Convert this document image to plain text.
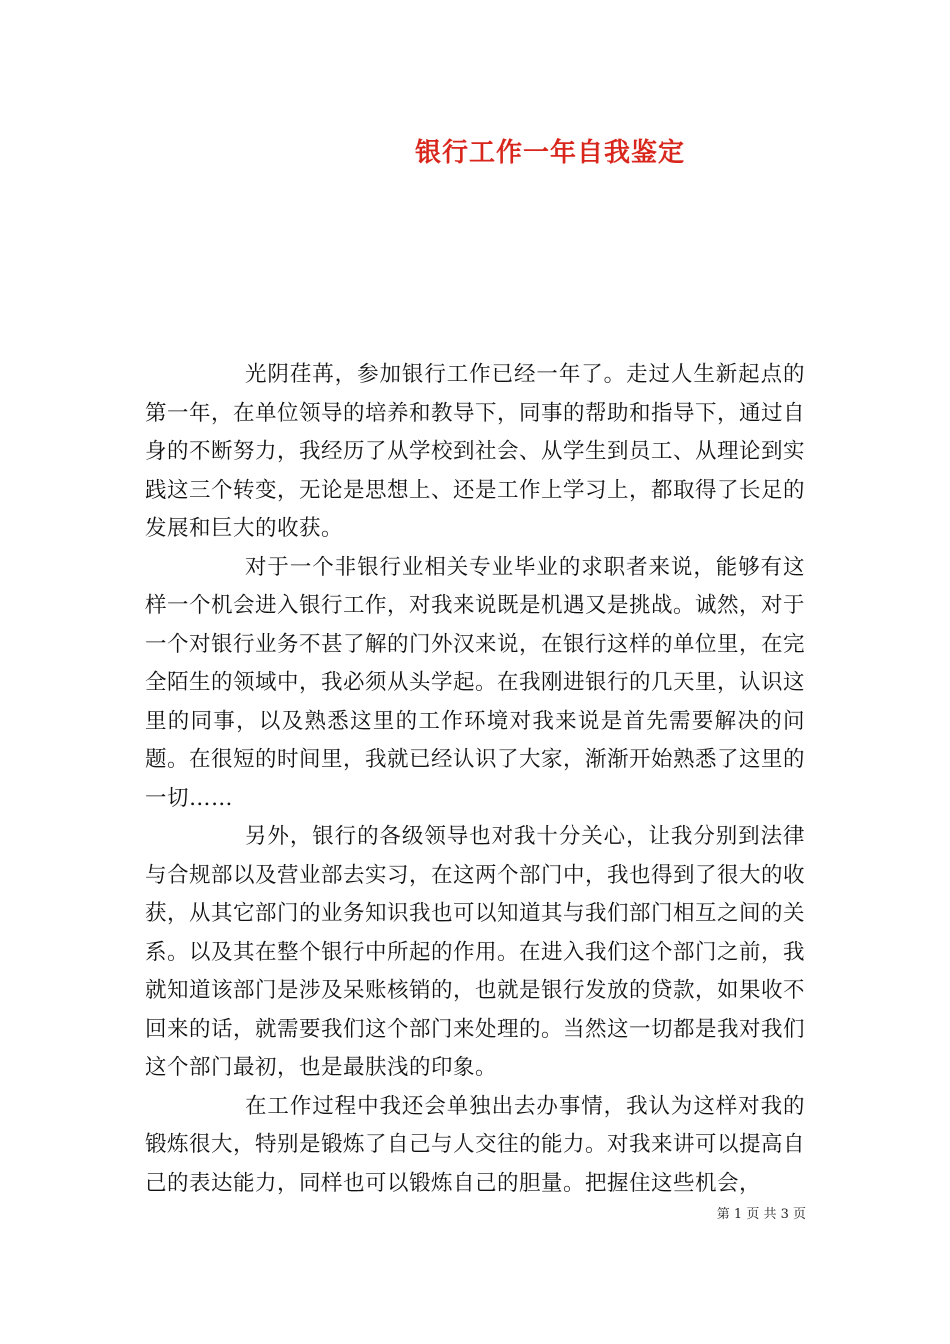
银行工作一年自我鉴定

光阴荏苒，参加银行工作已经一年了。走过人生新起点的第一年，在单位领导的培养和教导下，同事的帮助和指导下，通过自身的不断努力，我经历了从学校到社会、从学生到员工、从理论到实践这三个转变，无论是思想上、还是工作上学习上，都取得了长足的发展和巨大的收获。

对于一个非银行业相关专业毕业的求职者来说，能够有这样一个机会进入银行工作，对我来说既是机遇又是挑战。诚然，对于一个对银行业务不甚了解的门外汉来说，在银行这样的单位里，在完全陌生的领域中，我必须从头学起。在我刚进银行的几天里，认识这里的同事，以及熟悉这里的工作环境对我来说是首先需要解决的问题。在很短的时间里，我就已经认识了大家，渐渐开始熟悉了这里的一切……

另外，银行的各级领导也对我十分关心，让我分别到法律与合规部以及营业部去实习，在这两个部门中，我也得到了很大的收获，从其它部门的业务知识我也可以知道其与我们部门相互之间的关系。以及其在整个银行中所起的作用。在进入我们这个部门之前，我就知道该部门是涉及呆账核销的，也就是银行发放的贷款，如果收不回来的话，就需要我们这个部门来处理的。当然这一切都是我对我们这个部门最初，也是最肤浅的印象。

在工作过程中我还会单独出去办事情，我认为这样对我的锻炼很大，特别是锻炼了自己与人交往的能力。对我来讲可以提高自己的表达能力，同样也可以锻炼自己的胆量。把握住这些机会，

第 1 页 共 3 页
